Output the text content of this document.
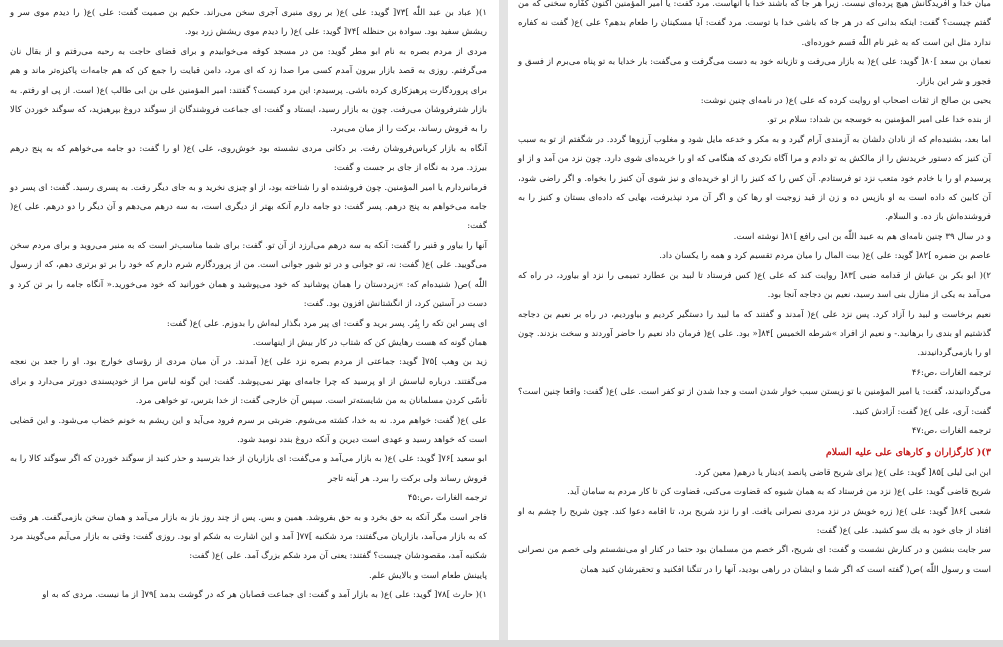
۱)( عباد بن عبد اللّٰه ]۷۳[ گويد: على )ع( بر روى منبرى آجرى سخن مى‌راند. حكيم بن صميت گفت: على )ع( را ديدم موى سر و ريشش سفيد بود. سوادة بن حنظله ]۷۴[ گويد: على )ع( را ديدم موى ريشش زرد بود.

مردى از مردم بصره به نام ابو مطر گويد: من در مسجد كوفه مى‌خوابيدم و براى قضاى حاجت به رحبه مى‌رفتم و از بقال نان مى‌گرفتم. روزى به قصد بازار بيرون آمدم كسى مرا صدا زد كه اى مرد، دامن قبايت را جمع كن كه هم جامه‌ات پاكيزه‌تر ماند و هم براى پروردگارت پرهيزكارى كرده باشى. پرسيدم: اين مرد كيست؟ گفتند: امير المؤمنين على بن ابى طالب )ع( است. از پى او رفتم. به بازار شترفروشان مى‌رفت. چون به بازار رسيد، ايستاد و گفت: اى جماعت فروشندگان از سوگند دروغ بپرهيزيد، كه سوگند خوردن كالا را به فروش رساند، بركت را از ميان مى‌برد.

آنگاه به بازار كرباس‌فروشان رفت. بر دكانى مردى نشسته بود خوش‌روى، على )ع( او را گفت: دو جامه مى‌خواهم كه به پنج درهم بيرزد. مرد به نگاه از جاى بر جست و گفت:

فرمانبردارم يا امير المؤمنين. چون فروشنده او را شناخته بود، از او چيزى نخريد و به جاى ديگر رفت. به پسرى رسيد. گفت: اى پسر دو جامه مى‌خواهم به پنج درهم. پسر گفت: دو جامه دارم آنكه بهتر از ديگرى است، به سه درهم مى‌دهم و آن ديگر را دو درهم. على )ع( گفت:

آنها را بياور و قنبر را گفت: آنكه به سه درهم مى‌ارزد از آن تو. گفت: براى شما مناسب‌تر است كه به منبر مى‌رويد و براى مردم سخن مى‌گوييد. على )ع( گفت: نه، تو جوانى و در تو شور جوانى است. من از پروردگارم شرم دارم كه خود را بر تو برترى دهم، كه از رسول‌ اللّٰه )ص( شنيده‌ام كه: »زيردستان را همان پوشانيد كه خود مى‌پوشيد و همان خورانيد كه خود مى‌خوريد.« آنگاه جامه را بر تن كرد و دست در آستين كرد، از انگشتانش افزون بود. گفت:

اى پسر اين تكه را بِبُر. پسر بريد و گفت: اى پير مرد بگذار لبه‌اش را بدوزم. على )ع( گفت:

همان گونه كه هست رهايش كن كه شتاب در كار بيش از اينهاست.

زيد بن وهب ]۷۵[ گويد: جماعتى از مردم بصره نزد على )ع( آمدند. در آن ميان مردى از رؤساى خوارج بود. او را جعد بن نعجه مى‌گفتند. درباره لباسش از او پرسيد كه چرا جامه‌اى بهتر نمى‌پوشد. گفت: اين گونه لباس مرا از خودپسندى دورتر مى‌دارد و براى تأسّى كردن مسلمانان به من شايسته‌تر است. سپس آن خارجى گفت: از خدا بترس، تو خواهى مرد.

على )ع( گفت: خواهم مرد. نه به خدا، كشته مى‌شوم. ضربتى بر سرم فرود مى‌آيد و اين ريشم به خونم خضاب مى‌شود. و اين قضايى است كه خواهد رسيد و عهدى است ديرين و آنكه دروغ بندد نوميد شود.

ابو سعيد ]۷۶[ گويد: على )ع( به بازار مى‌آمد و مى‌گفت: اى بازاريان از خدا بترسيد و حذر كنيد از سوگند خوردن كه اگر سوگند كالا را به فروش رساند ولى بركت را ببرد. هر آينه تاجر

ترجمه الغارات ،ص:۴۵

فاجر است مگر آنكه به حق بخرد و به حق بفروشد. همين و بس. پس از چند روز باز به بازار مى‌آمد و همان سخن بازمى‌گفت. هر وقت كه به بازار مى‌آمد، بازاريان مى‌گفتند: مرد شكنبه ]۷۷[ آمد و اين اشارت به شكم او بود. روزى گفت: وقتى به بازار مى‌آيم مى‌گويند مرد شكنبه آمد، مقصودشان چيست؟ گفتند: يعنى آن مرد شكم بزرگ آمد. على )ع( گفت:

پايينش طعام است و بالايش علم.

۱)( حارث ]۷۸[ گويد: على )ع( به بازار آمد و گفت: اى جماعت قصابان هر كه در گوشت بدمد ]۷۹[ از ما نيست. مردى كه به او

ميان خدا و آفريدگانش هيچ پرده‌اى نيست. زيرا هر جا كه باشند خدا با آنهاست. مرد گفت: يا امير المؤمنين اكنون كفّاره سخنى كه من گفتم چيست؟ گفت: اينكه بدانى كه در هر جا كه باشى خدا با توست. مرد گفت: آيا مسكينان را طعام بدهم؟ على )ع( گفت نه كفاره ندارد مثل اين است كه به غير نام اللّٰه قسم خورده‌اى.

نعمان بن سعد ]۸۰[ گويد: على )ع( به بازار مى‌رفت و تازيانه خود به دست مى‌گرفت و مى‌گفت: بار خدايا به تو پناه مى‌برم از فسق و فجور و شر اين بازار.

يحيى بن صالح از ثقات اصحاب او روايت كرده كه على )ع( در نامه‌اى چنين نوشت:

از بنده خدا على امير المؤمنين به خوسجه بن شداد: سلام بر تو.

اما بعد، بشنيده‌ام كه از نادان دلشان به آزمندى آرام گيرد و به مكر و خدعه مايل شود و مغلوب آرزوها گردد. در شگفتم از تو به سبب آن كنيز كه دستور خريدنش را از مالكش به تو دادم و مرا آگاه نكردى كه هنگامى كه او را خريده‌اى شوى دارد. چون نزد من آمد و از او پرسيدم او را با خادم خود متعب نزد تو فرستادم. آن كس را كه كنيز را از او خريده‌اى و نيز شوى آن كنيز را بخواه. و اگر راضى شود، آن كابين كه داده است به او بازپس ده و زن از قيد زوجيت او رها كن و اگر آن مرد نپذيرفت، بهايى كه داده‌اى بستان و كنيز را به فروشنده‌اش باز ده. و السلام.

و در سال ۳۹ چنين نامه‌اى هم به عبيد اللّٰه بن ابى رافع ]۸۱[ نوشته است.

عاصم بن ضمره ]۸۲[ گويد: على )ع( بيت المال را ميان مردم تقسيم كرد و همه را يكسان داد.

۲)( ابو بكر بن عياش از قدامه ضبى ]۸۳[ روايت كند كه على )ع( كس فرستاد تا لبيد بن عطارد تميمى را نزد او بياورد، در راه كه مى‌آمد به يكى از منازل بنى اسد رسيد، نعيم بن دجاجه آنجا بود.

نعيم برخاست و لبيد را آزاد كرد. پس نزد على )ع( آمدند و گفتند كه ما لبيد را دستگير كرديم و بياورديم، در راه بر نعيم بن دجاجه گذشتيم او بندى را برهانيد.- و نعيم از افراد »شرطه الخميس ]۸۴[« بود. على )ع( فرمان داد نعيم را حاضر آوردند و سخت بزدند. چون او را بازمى‌گردانيدند.

ترجمه الغارات ،ص:۴۶

مى‌گردانيدند، گفت: يا امير المؤمنين با تو زيستن سبب خوار شدن است و جدا شدن از تو كفر است. على )ع( گفت: واقعا چنين است؟ گفت: آرى، على )ع( گفت: آزادش كنيد.

ترجمه الغارات ،ص:۴۷

۳)( كارگزاران و كارهاى على عليه السلام

ابن ابى ليلى ]۸۵[ گويد: على )ع( براى شريح قاضى پانصد )دينار يا درهم( معين كرد.

شريح قاضى گويد: على )ع( نزد من فرستاد كه به همان شيوه كه قضاوت مى‌كنى، قضاوت كن تا كار مردم به سامان آيد.

شعبى ]۸۶[ گويد: على )ع( زره خويش در نزد مردى نصرانى يافت. او را نزد شريح برد، تا اقامه دعوا كند. چون شريح را چشم به او افتاد از جاى خود به يك سو كشيد. على )ع( گفت:

سر جايت بنشين و در كنارش نشست و گفت: اى شريح، اگر خصم من مسلمان بود حتما در كنار او مى‌نشستم ولى خصم من نصرانى است و رسول اللّٰه )ص( گفته است كه اگر شما و ايشان در راهى بوديد، آنها را در تنگنا افكنيد و تحقيرشان كنيد همان
